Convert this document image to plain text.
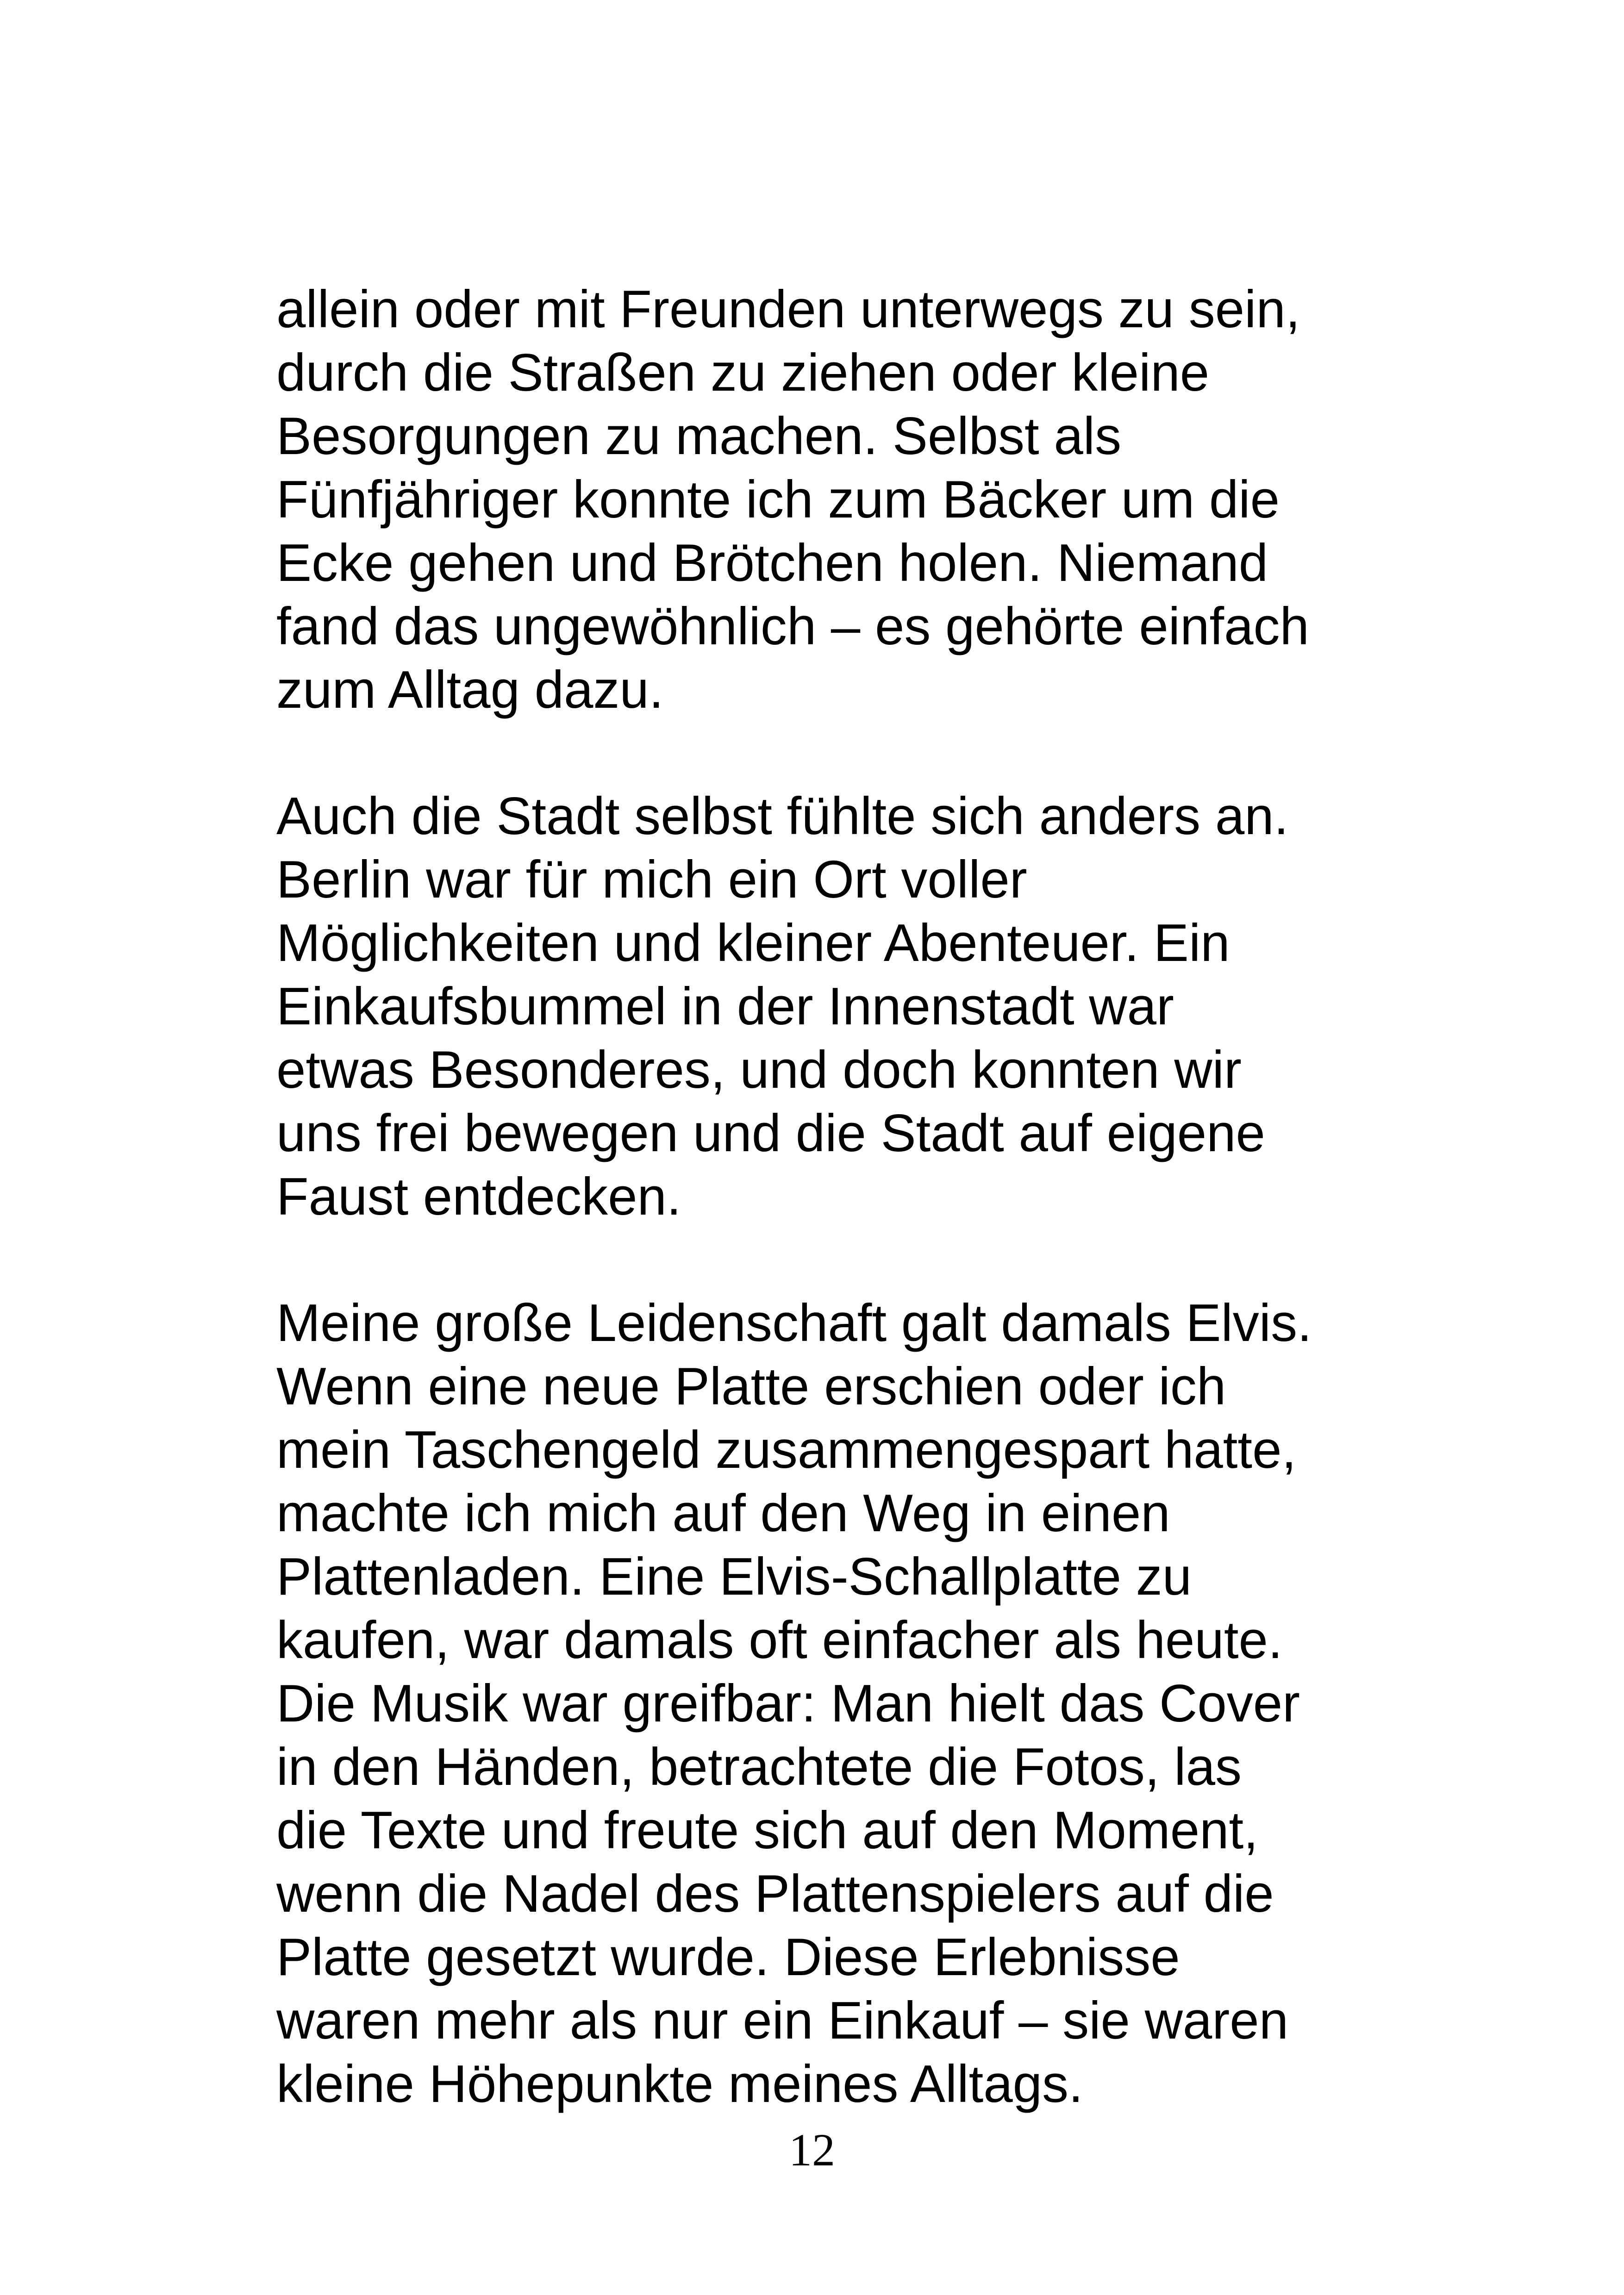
allein oder mit Freunden unterwegs zu sein,
durch die Straßen zu ziehen oder kleine
Besorgungen zu machen. Selbst als
Fünfjähriger konnte ich zum Bäcker um die
Ecke gehen und Brötchen holen. Niemand
fand das ungewöhnlich – es gehörte einfach
zum Alltag dazu.
Auch die Stadt selbst fühlte sich anders an.
Berlin war für mich ein Ort voller
Möglichkeiten und kleiner Abenteuer. Ein
Einkaufsbummel in der Innenstadt war
etwas Besonderes, und doch konnten wir
uns frei bewegen und die Stadt auf eigene
Faust entdecken.
Meine große Leidenschaft galt damals Elvis.
Wenn eine neue Platte erschien oder ich
mein Taschengeld zusammengespart hatte,
machte ich mich auf den Weg in einen
Plattenladen. Eine Elvis-Schallplatte zu
kaufen, war damals oft einfacher als heute.
Die Musik war greifbar: Man hielt das Cover
in den Händen, betrachtete die Fotos, las
die Texte und freute sich auf den Moment,
wenn die Nadel des Plattenspielers auf die
Platte gesetzt wurde. Diese Erlebnisse
waren mehr als nur ein Einkauf – sie waren
kleine Höhepunkte meines Alltags.
12
